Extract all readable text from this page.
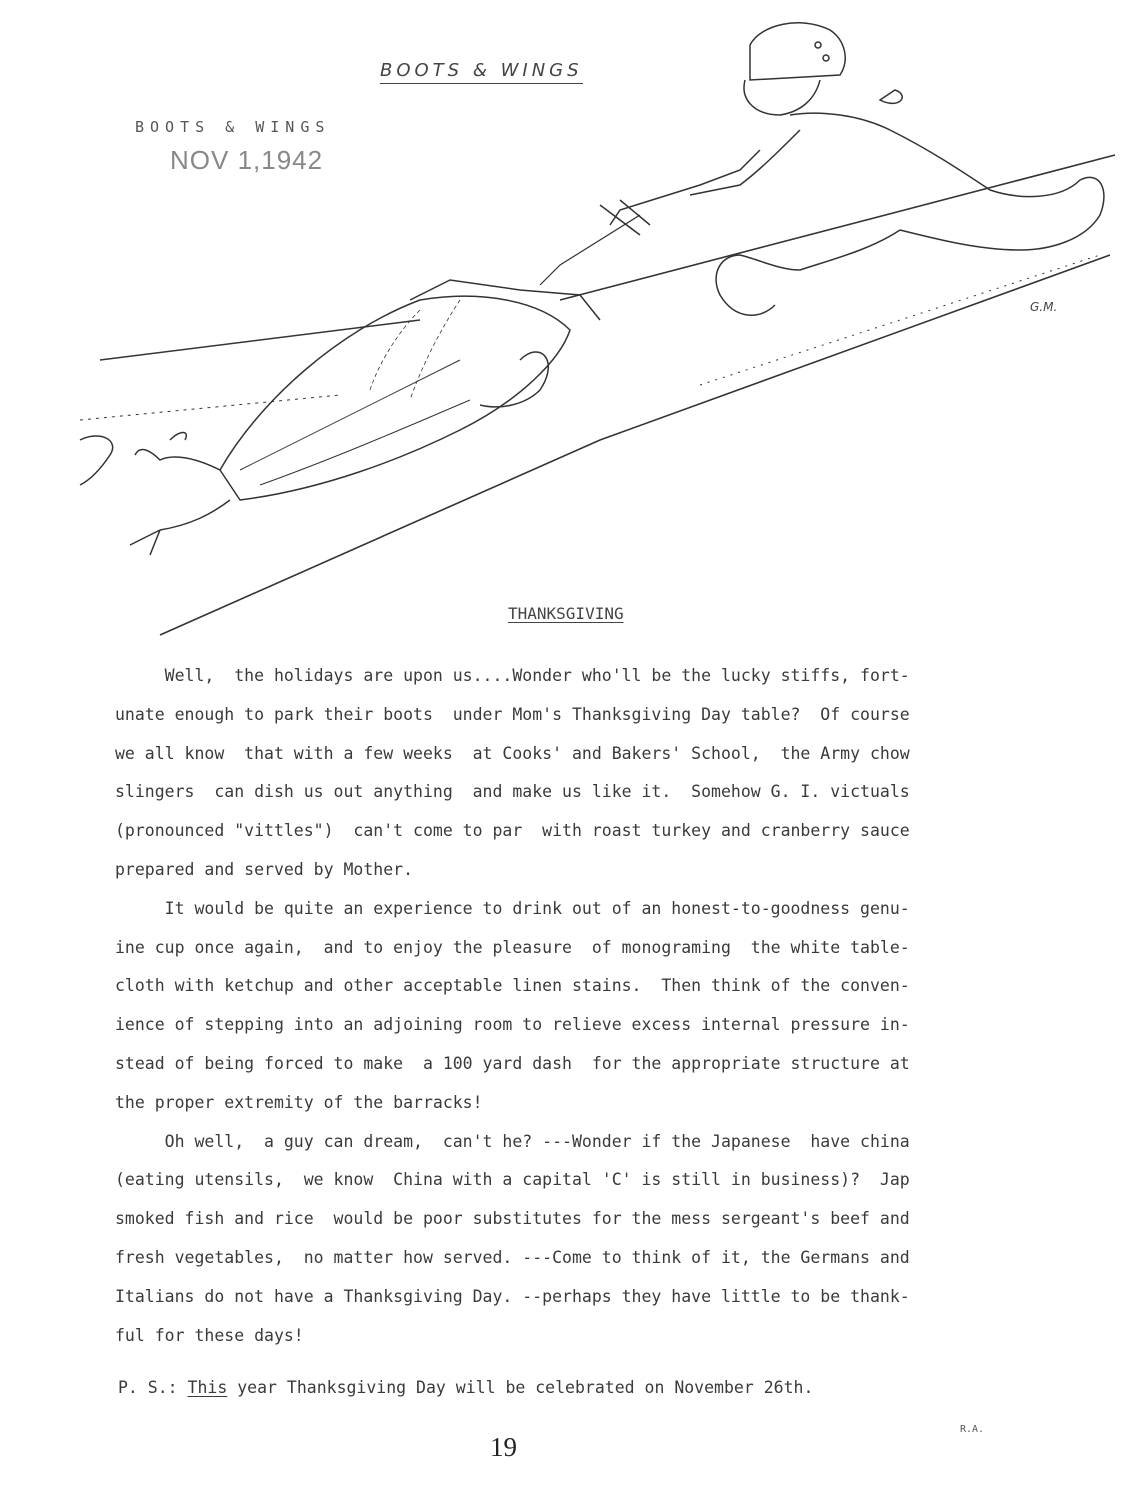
BOOTS & WINGS
BOOTS & WINGS
NOV 1,1942
G.M.
THANKSGIVING
Well,  the holidays are upon us....Wonder who'll be the lucky stiffs, fort-
unate enough to park their boots  under Mom's Thanksgiving Day table?  Of course
we all know  that with a few weeks  at Cooks' and Bakers' School,  the Army chow
slingers  can dish us out anything  and make us like it.  Somehow G. I. victuals
(pronounced "vittles")  can't come to par  with roast turkey and cranberry sauce
prepared and served by Mother.
It would be quite an experience to drink out of an honest-to-goodness genu-
ine cup once again,  and to enjoy the pleasure  of monograming  the white table-
cloth with ketchup and other acceptable linen stains.  Then think of the conven-
ience of stepping into an adjoining room to relieve excess internal pressure in-
stead of being forced to make  a 100 yard dash  for the appropriate structure at
the proper extremity of the barracks!
Oh well,  a guy can dream,  can't he? ---Wonder if the Japanese  have china
(eating utensils,  we know  China with a capital 'C' is still in business)?  Jap
smoked fish and rice  would be poor substitutes for the mess sergeant's beef and
fresh vegetables,  no matter how served. ---Come to think of it, the Germans and
Italians do not have a Thanksgiving Day. --perhaps they have little to be thank-
ful for these days!
P. S.: This year Thanksgiving Day will be celebrated on November 26th.
R.A.
19
